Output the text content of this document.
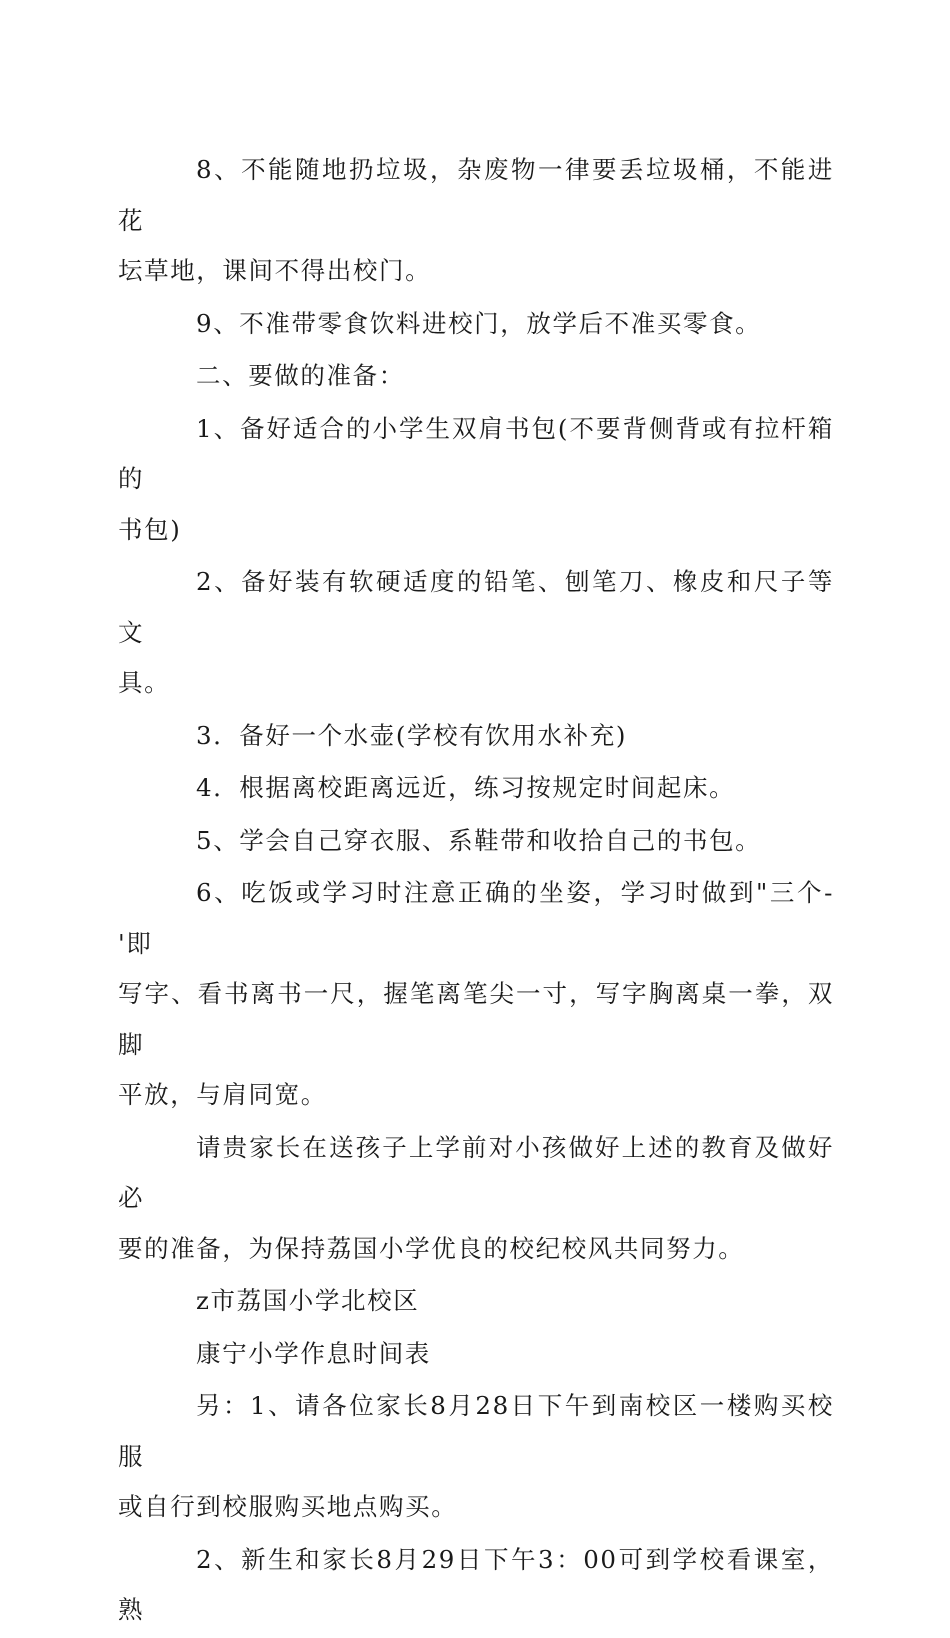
8、不能随地扔垃圾，杂废物一律要丢垃圾桶，不能进花
坛草地，课间不得出校门。

9、不准带零食饮料进校门，放学后不准买零食。

二、要做的准备：

1、备好适合的小学生双肩书包(不要背侧背或有拉杆箱的
书包)

2、备好装有软硬适度的铅笔、刨笔刀、橡皮和尺子等文
具。

3．备好一个水壶(学校有饮用水补充)

4．根据离校距离远近，练习按规定时间起床。

5、学会自己穿衣服、系鞋带和收拾自己的书包。

6、吃饭或学习时注意正确的坐姿，学习时做到"三个-'即
写字、看书离书一尺，握笔离笔尖一寸，写字胸离桌一拳，双脚
平放，与肩同宽。

请贵家长在送孩子上学前对小孩做好上述的教育及做好必
要的准备，为保持荔国小学优良的校纪校风共同努力。

z市荔国小学北校区

康宁小学作息时间表

另：1、请各位家长8月28日下午到南校区一楼购买校服
或自行到校服购买地点购买。

2、新生和家长8月29日下午3：00可到学校看课室，熟
